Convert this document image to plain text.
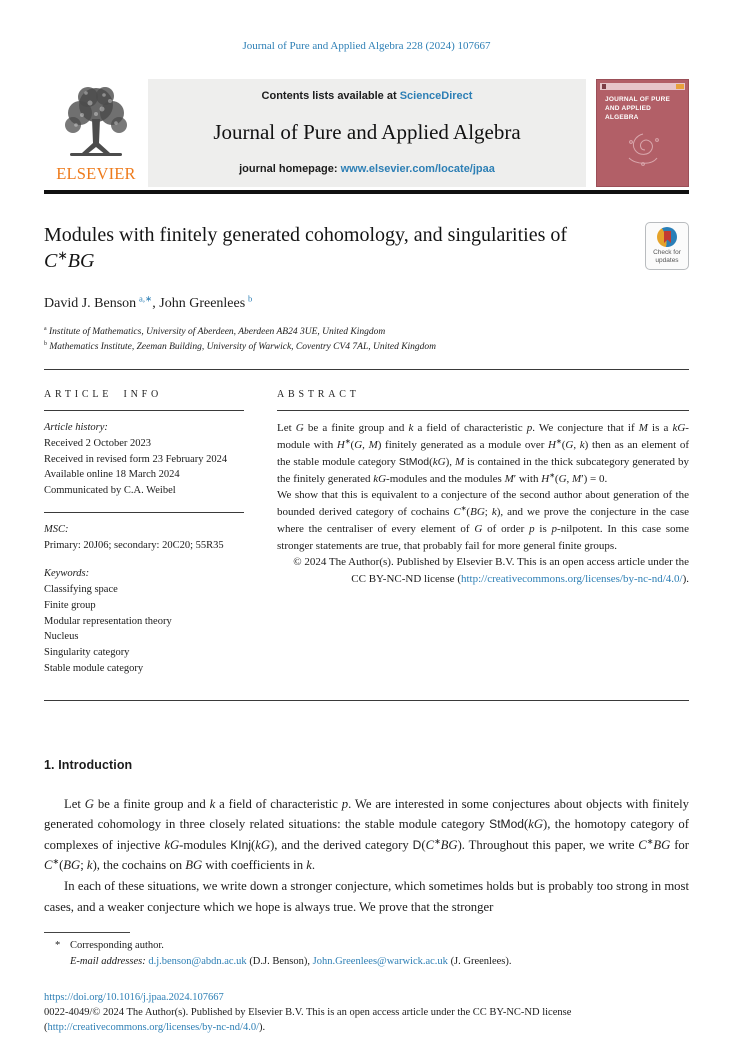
Journal of Pure and Applied Algebra 228 (2024) 107667
ELSEVIER
Contents lists available at ScienceDirect
Journal of Pure and Applied Algebra
journal homepage: www.elsevier.com/locate/jpaa
JOURNAL OF PURE AND APPLIED ALGEBRA
Modules with finitely generated cohomology, and singularities of C∗BG	Check for updates
David J. Benson $^{a,∗}$, John Greenlees $^b$
$^a$ Institute of Mathematics, University of Aberdeen, Aberdeen AB24 3UE, United Kingdom
$^b$ Mathematics Institute, Zeeman Building, University of Warwick, Coventry CV4 7AL, United Kingdom
ARTICLE INFO
Article history:
Received 2 October 2023
Received in revised form 23 February 2024
Available online 18 March 2024
Communicated by C.A. Weibel
MSC:
Primary: 20J06; secondary: 20C20; 55R35
Keywords:
Classifying space
Finite group
Modular representation theory
Nucleus
Singularity category
Stable module category
ABSTRACT

Let G be a finite group and k a field of characteristic p. We conjecture that if M is a kG-module with H∗(G, M) finitely generated as a module over H∗(G, k) then as an element of the stable module category StMod(kG), M is contained in the thick subcategory generated by the finitely generated kG-modules and the modules M′ with H∗(G, M′) = 0.

We show that this is equivalent to a conjecture of the second author about generation of the bounded derived category of cochains C∗(BG; k), and we prove the conjecture in the case where the centraliser of every element of G of order p is p-nilpotent. In this case some stronger statements are true, that probably fail for more general finite groups.

© 2024 The Author(s). Published by Elsevier B.V. This is an open access article under the CC BY-NC-ND license (http://creativecommons.org/licenses/by-nc-nd/4.0/).

1. Introduction

Let G be a finite group and k a field of characteristic p. We are interested in some conjectures about objects with finitely generated cohomology in three closely related situations: the stable module category StMod(kG), the homotopy category of complexes of injective kG-modules KInj(kG), and the derived category D(C∗BG). Throughout this paper, we write C∗BG for C∗(BG; k), the cochains on BG with coefficients in k.

In each of these situations, we write down a stronger conjecture, which sometimes holds but is probably too strong in most cases, and a weaker conjecture which we hope is always true. We prove that the stronger

* Corresponding author.
E-mail addresses: d.j.benson@abdn.ac.uk (D.J. Benson), John.Greenlees@warwick.ac.uk (J. Greenlees).
https://doi.org/10.1016/j.jpaa.2024.107667
0022-4049/© 2024 The Author(s). Published by Elsevier B.V. This is an open access article under the CC BY-NC-ND license
(http://creativecommons.org/licenses/by-nc-nd/4.0/).
